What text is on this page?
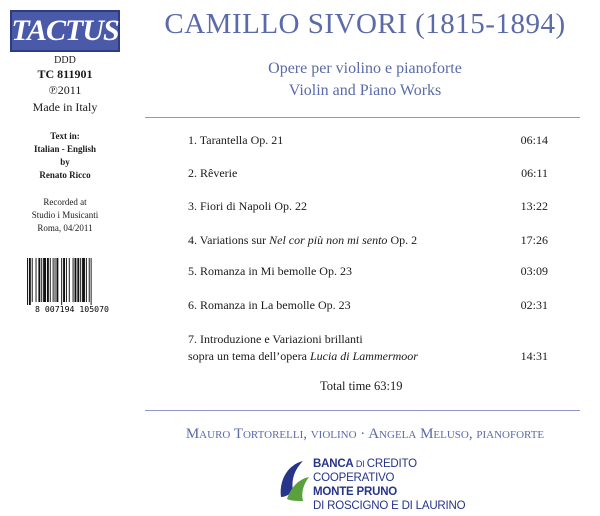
TACTUS
DDD
TC 811901
℗2011
Made in Italy
Text in:
Italian - English
by
Renato Ricco
Recorded at
Studio i Musicanti
Roma, 04/2011
8 007194 105070
CAMILLO SIVORI (1815-1894)
Opere per violino e pianoforte
Violin and Piano Works
1. Tarantella Op. 21	06:14
2. Rêverie	06:11
3. Fiori di Napoli Op. 22	13:22
4. Variations sur Nel cor più non mi sento Op. 2	17:26
5. Romanza in Mi bemolle Op. 23	03:09
6. Romanza in La bemolle Op. 23	02:31
7. Introduzione e Variazioni brillanti
sopra un tema dell’opera Lucia di Lammermoor	14:31
Total time 63:19
Mauro Tortorelli, violino · Angela Meluso, pianoforte
BANCA DI CREDITO COOPERATIVO
MONTE PRUNO
DI ROSCIGNO E DI LAURINO
